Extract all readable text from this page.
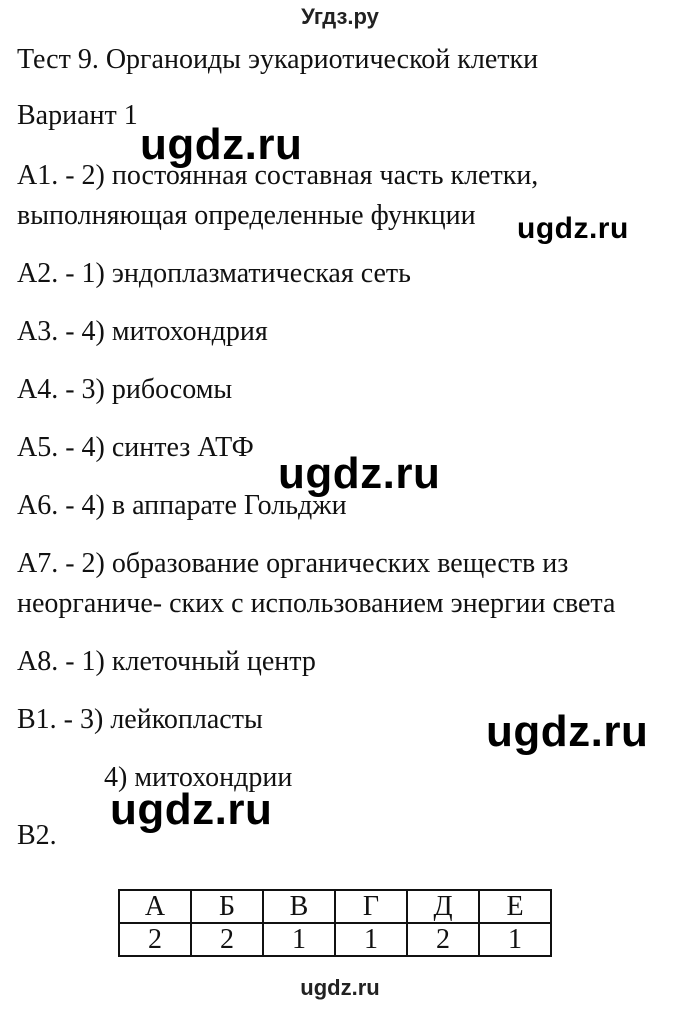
Угдз.ру
Тест 9. Органоиды эукариотической клетки
Вариант 1
ugdz.ru
А1. - 2) постоянная составная часть клетки,
выполняющая определенные функции ugdz.ru
А2. - 1) эндоплазматическая сеть
А3. - 4) митохондрия
А4. - 3) рибосомы
А5. - 4) синтез АТФ
ugdz.ru
А6. - 4) в аппарате Гольджи
А7. - 2) образование органических веществ из
неорганиче- ских с использованием энергии света
А8. - 1) клеточный центр
В1. - 3) лейкопласты	ugdz.ru
4) митохондрии
ugdz.ru
В2.
А	Б	В	Г	Д	Е
2	2	1	1	2	1
ugdz.ru
